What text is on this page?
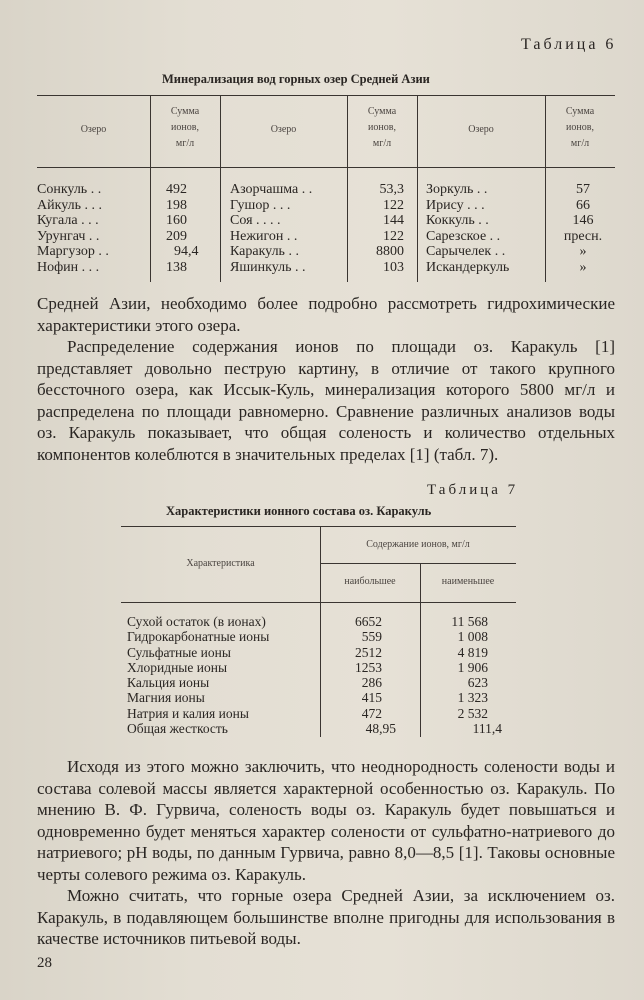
Таблица 6
Минерализация вод горных озер Средней Азии
Озеро
Сумма
ионов,
мг/л
Озеро
Сумма
ионов,
мг/л
Озеро
Сумма
ионов,
мг/л
Сонкуль . .
Айкуль . . .
Кугала . . .
Урунгач . .
Маргузор . .
Нофин . . .
492
198
160
209
94,4
138
Азорчашма . .
Гушор . . .
Соя . . . .
Нежигон . .
Каракуль . .
Яшинкуль . .
53,3
122
144
122
8800
103
Зоркуль . .
Ирису . . .
Коккуль . .
Сарезское . .
Сарычелек . .
Искандеркуль
57
66
146
пресн.
»
»

Средней Азии, необходимо более подробно рассмотреть гидрохимические характеристики этого озера.

Распределение содержания ионов по площади оз. Каракуль [1] представляет довольно пеструю картину, в отличие от такого крупного бессточного озера, как Иссык-Куль, минерализация которого 5800 мг/л и распределена по площади равномерно. Сравнение различных анализов воды оз. Каракуль показывает, что общая соленость и количество отдельных компонентов колеблются в значительных пределах [1] (табл. 7).

Таблица 7
Характеристики ионного состава оз. Каракуль
Характеристика
Содержание ионов, мг/л
наибольшее	наименьшее
Сухой остаток (в ионах)
Гидрокарбонатные ионы
Сульфатные ионы
Хлоридные ионы
Кальция ионы
Магния ионы
Натрия и калия ионы
Общая жесткость
6652
559
2512
1253
286
415
472
48,95
11 568
1 008
4 819
1 906
623
1 323
2 532
111,4

Исходя из этого можно заключить, что неоднородность солености воды и состава солевой массы является характерной особенностью оз. Каракуль. По мнению В. Ф. Гурвича, соленость воды оз. Каракуль будет повышаться и одновременно будет меняться характер солености от сульфатно-натриевого до натриевого; pH воды, по данным Гурвича, равно 8,0—8,5 [1]. Таковы основные черты солевого режима оз. Каракуль.

Можно считать, что горные озера Средней Азии, за исключением оз. Каракуль, в подавляющем большинстве вполне пригодны для использования в качестве источников питьевой воды.

28
